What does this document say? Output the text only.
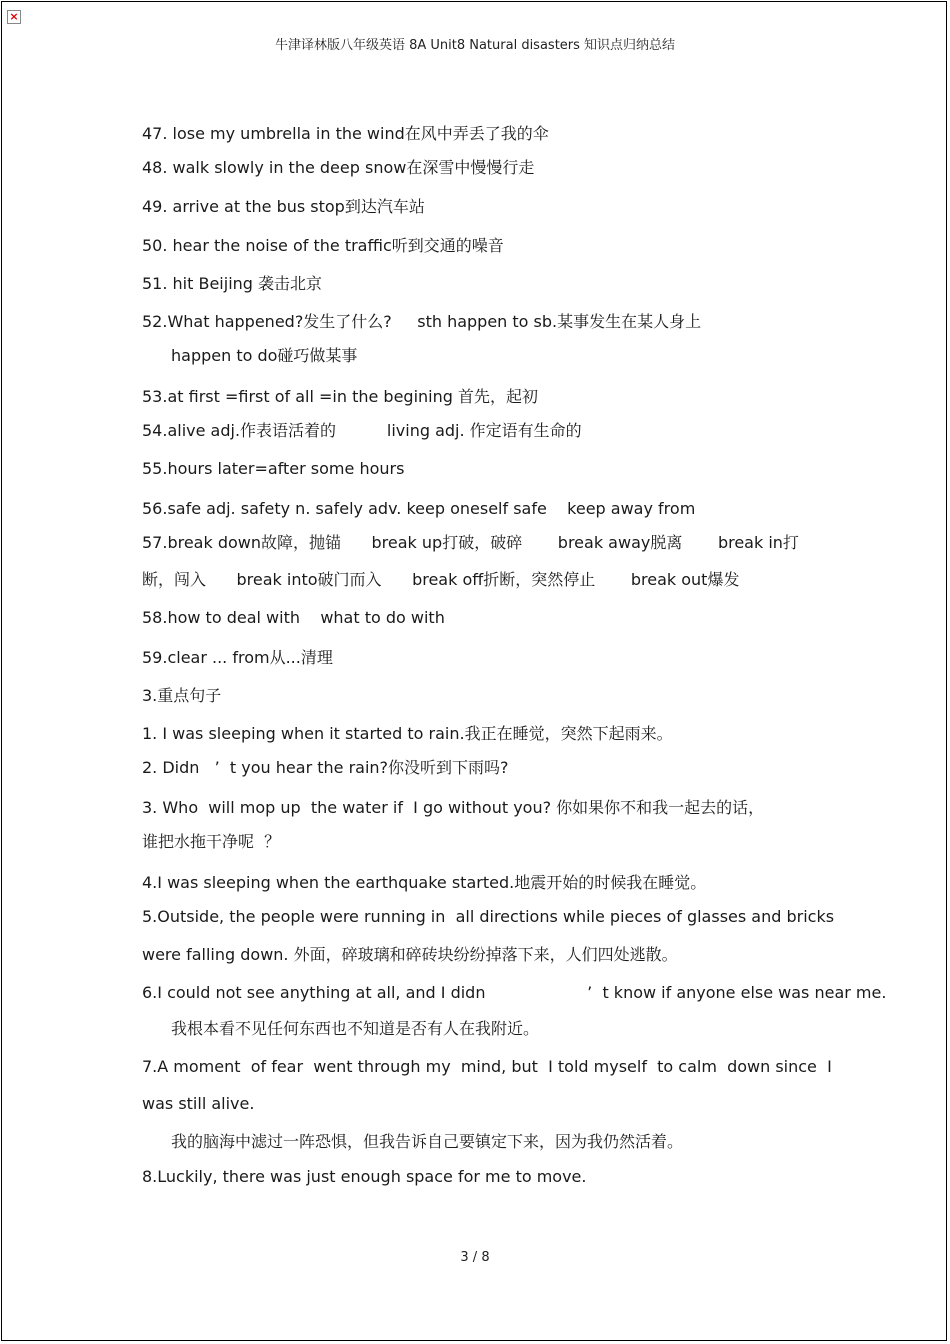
×
牛津译林版八年级英语 8A Unit8 Natural disasters 知识点归纳总结
47. lose my umbrella in the wind在风中弄丢了我的伞
48. walk slowly in the deep snow在深雪中慢慢行走
49. arrive at the bus stop到达汽车站
50. hear the noise of the traffic听到交通的噪音
51. hit Beijing 袭击北京
52.What happened?发生了什么?     sth happen to sb.某事发生在某人身上
happen to do碰巧做某事
53.at first =first of all =in the begining 首先，起初
54.alive adj.作表语活着的          living adj. 作定语有生命的
55.hours later=after some hours
56.safe adj. safety n. safely adv. keep oneself safe    keep away from
57.break down故障，抛锚      break up打破，破碎       break away脱离       break in打
断，闯入      break into破门而入      break off折断，突然停止       break out爆发
58.how to deal with    what to do with
59.clear ... from从...清理
3.重点句子
1. I was sleeping when it started to rain.我正在睡觉，突然下起雨来。
2. Didn   ’  t you hear the rain?你没听到下雨吗?
3. Who  will mop up  the water if  I go without you? 你如果你不和我一起去的话，
谁把水拖干净呢  ？
4.I was sleeping when the earthquake started.地震开始的时候我在睡觉。
5.Outside, the people were running in  all directions while pieces of glasses and bricks
were falling down. 外面，碎玻璃和碎砖块纷纷掉落下来，人们四处逃散。
6.I could not see anything at all, and I didn                    ’  t know if anyone else was near me.
我根本看不见任何东西也不知道是否有人在我附近。
7.A moment  of fear  went through my  mind, but  I told myself  to calm  down since  I
was still alive.
我的脑海中滤过一阵恐惧，但我告诉自己要镇定下来，因为我仍然活着。
8.Luckily, there was just enough space for me to move.
3 / 8
